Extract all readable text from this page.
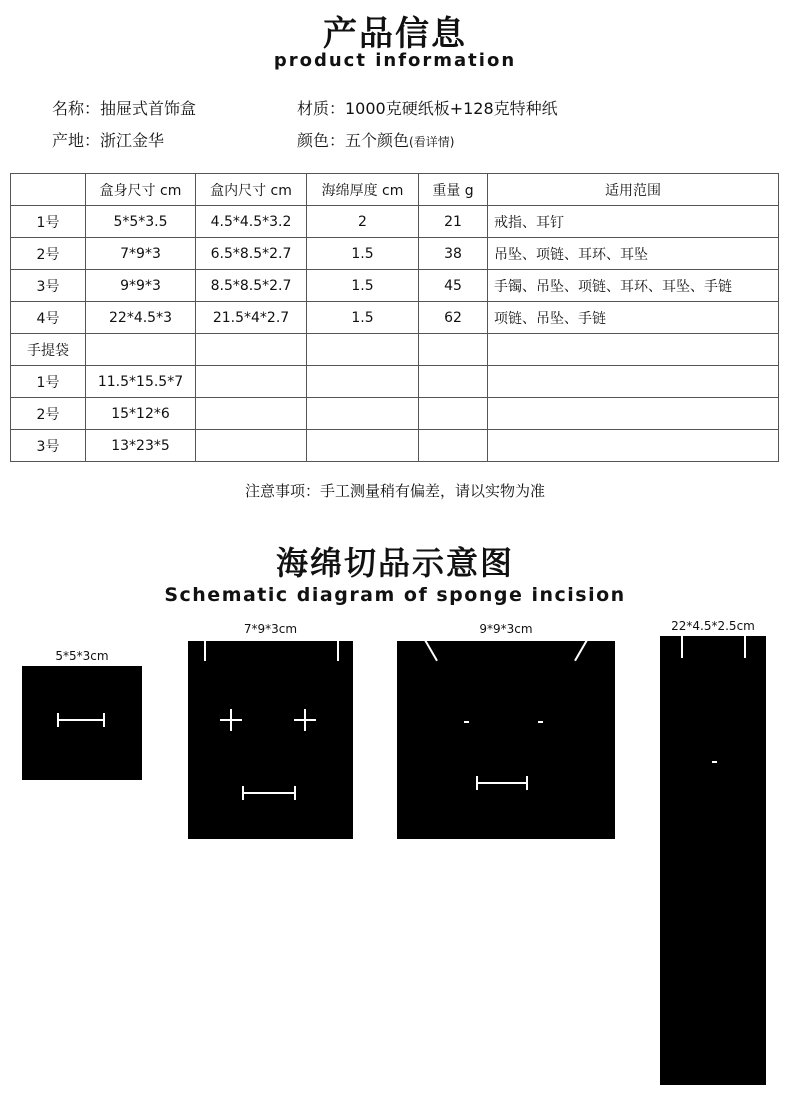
产品信息
product information
名称：抽屉式首饰盒	材质：1000克硬纸板+128克特种纸
产地：浙江金华	颜色：五个颜色(看详情)
	盒身尺寸 cm	盒内尺寸 cm	海绵厚度 cm	重量 g	适用范围
1号	5*5*3.5	4.5*4.5*3.2	2	21	戒指、耳钉
2号	7*9*3	6.5*8.5*2.7	1.5	38	吊坠、项链、耳环、耳坠
3号	9*9*3	8.5*8.5*2.7	1.5	45	手镯、吊坠、项链、耳环、耳坠、手链
4号	22*4.5*3	21.5*4*2.7	1.5	62	项链、吊坠、手链
手提袋					
1号	11.5*15.5*7				
2号	15*12*6				
3号	13*23*5				
注意事项：手工测量稍有偏差，请以实物为准
海绵切品示意图
Schematic diagram of sponge incision
5*5*3cm
7*9*3cm	9*9*3cm	22*4.5*2.5cm
